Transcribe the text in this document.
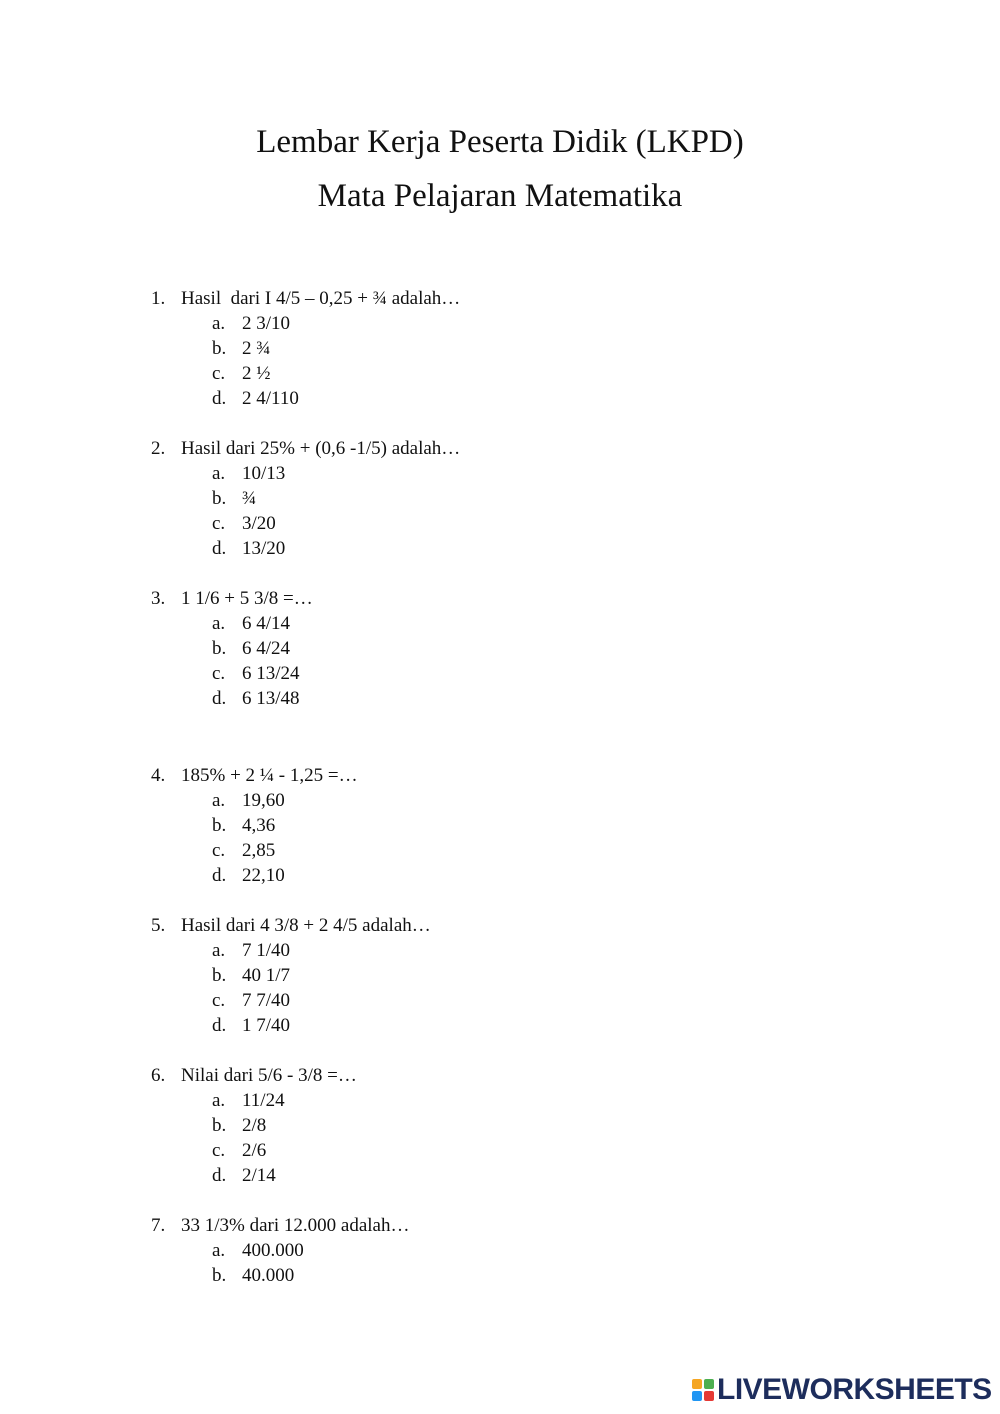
Lembar Kerja Peserta Didik (LKPD)
Mata Pelajaran Matematika
1. Hasil  dari I 4/5 – 0,25 + ¾ adalah…
a. 2 3/10
b. 2 ¾
c. 2 ½
d. 2 4/110
2. Hasil dari 25% + (0,6 -1/5) adalah…
a. 10/13
b. ¾
c. 3/20
d. 13/20
3. 1 1/6 + 5 3/8 =…
a. 6 4/14
b. 6 4/24
c. 6 13/24
d. 6 13/48
4. 185% + 2 ¼ - 1,25 =…
a. 19,60
b. 4,36
c. 2,85
d. 22,10
5. Hasil dari 4 3/8 + 2 4/5 adalah…
a. 7 1/40
b. 40 1/7
c. 7 7/40
d. 1 7/40
6. Nilai dari 5/6 - 3/8 =…
a. 11/24
b. 2/8
c. 2/6
d. 2/14
7. 33 1/3% dari 12.000 adalah…
a. 400.000
b. 40.000
LIVEWORKSHEETS
